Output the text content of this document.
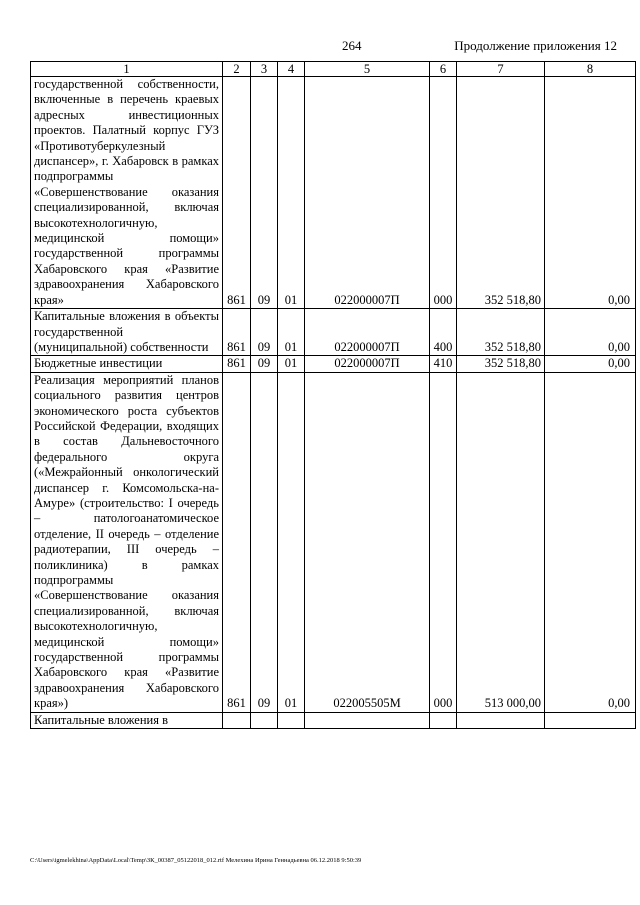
264	Продолжение приложения 12
1	2	3	4	5	6	7	8
государственной собственности, включенные в перечень краевых адресных инвестиционных проектов. Палатный корпус ГУЗ «Противотуберкулезный диспансер», г. Хабаровск в рамках подпрограммы «Совершенствование оказания специализированной, включая высокотехнологичную, медицинской помощи» государственной программы Хабаровского края «Развитие здравоохранения Хабаровского края»	861	09	01	022000007П	000	352 518,80	0,00
Капитальные вложения в объекты государственной (муниципальной) собственности	861	09	01	022000007П	400	352 518,80	0,00
Бюджетные инвестиции	861	09	01	022000007П	410	352 518,80	0,00
Реализация мероприятий планов социального развития центров экономического роста субъектов Российской Федерации, входящих в состав Дальневосточного федерального округа («Межрайонный онкологический диспансер г. Комсомольска-на-Амуре» (строительство: I очередь – патологоанатомическое отделение, II очередь – отделение радиотерапии, III очередь – поликлиника) в рамках подпрограммы «Совершенствование оказания специализированной, включая высокотехнологичную, медицинской помощи» государственной программы Хабаровского края «Развитие здравоохранения Хабаровского края»)	861	09	01	022005505М	000	513 000,00	0,00
Капитальные вложения в							
C:\Users\igmelekhina\AppData\Local\Temp\ЗК_00387_05122018_012.rtf Мелехина Ирина Геннадьевна 06.12.2018 9:50:39
